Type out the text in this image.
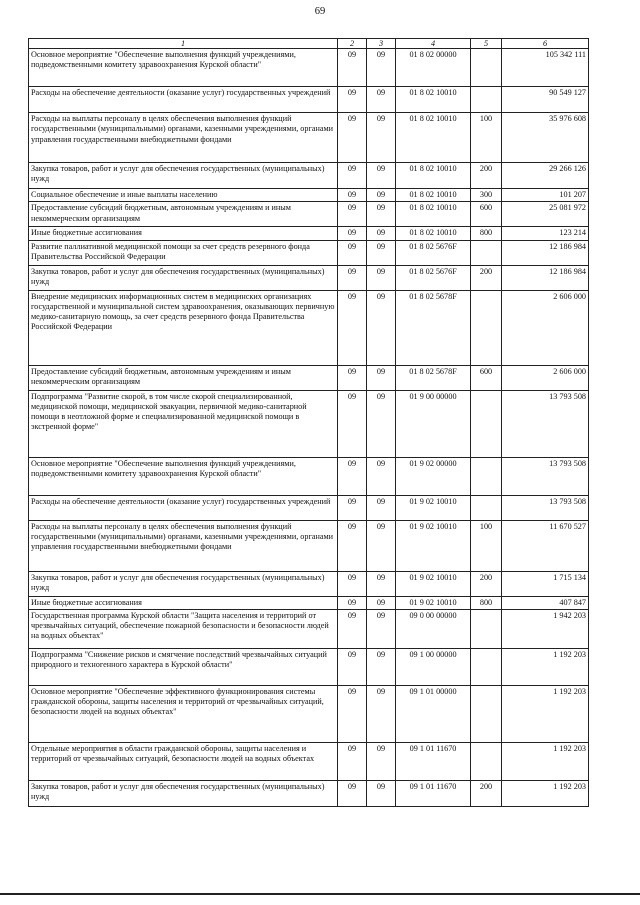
69
1	2	3	4	5	6
Основное мероприятие "Обеспечение выполнения функций учреждениями, подведомственными комитету здравоохранения Курской области"	09	09	01 8 02 00000		105 342 111
Расходы на обеспечение деятельности (оказание услуг) государственных учреждений	09	09	01 8 02 10010		90 549 127
Расходы на выплаты персоналу в целях обеспечения выполнения функций государственными (муниципальными) органами, казенными учреждениями, органами управления государственными внебюджетными фондами	09	09	01 8 02 10010	100	35 976 608
Закупка товаров, работ и услуг для обеспечения государственных (муниципальных) нужд	09	09	01 8 02 10010	200	29 266 126
Социальное обеспечение и иные выплаты населению	09	09	01 8 02 10010	300	101 207
Предоставление субсидий бюджетным, автономным учреждениям и иным некоммерческим организациям	09	09	01 8 02 10010	600	25 081 972
Иные бюджетные ассигнования	09	09	01 8 02 10010	800	123 214
Развитие паллиативной медицинской помощи за счет средств резервного фонда Правительства Российской Федерации	09	09	01 8 02 5676F		12 186 984
Закупка товаров, работ и услуг для обеспечения государственных (муниципальных) нужд	09	09	01 8 02 5676F	200	12 186 984
Внедрение медицинских информационных систем в медицинских организациях государственной и муниципальной систем здравоохранения, оказывающих первичную медико-санитарную помощь, за счет средств резервного фонда Правительства Российской Федерации	09	09	01 8 02 5678F		2 606 000
Предоставление субсидий бюджетным, автономным учреждениям и иным некоммерческим организациям	09	09	01 8 02 5678F	600	2 606 000
Подпрограмма "Развитие скорой, в том числе скорой специализированной, медицинской помощи, медицинской эвакуации, первичной медико-санитарной помощи в неотложной форме и специализированной медицинской помощи в экстренной форме"	09	09	01 9 00 00000		13 793 508
Основное мероприятие "Обеспечение выполнения функций учреждениями, подведомственными комитету здравоохранения Курской области"	09	09	01 9 02 00000		13 793 508
Расходы на обеспечение деятельности (оказание услуг) государственных учреждений	09	09	01 9 02 10010		13 793 508
Расходы на выплаты персоналу в целях обеспечения выполнения функций государственными (муниципальными) органами, казенными учреждениями, органами управления государственными внебюджетными фондами	09	09	01 9 02 10010	100	11 670 527
Закупка товаров, работ и услуг для обеспечения государственных (муниципальных) нужд	09	09	01 9 02 10010	200	1 715 134
Иные бюджетные ассигнования	09	09	01 9 02 10010	800	407 847
Государственная программа Курской области "Защита населения и территорий от чрезвычайных ситуаций, обеспечение пожарной безопасности и безопасности людей на водных объектах"	09	09	09 0 00 00000		1 942 203
Подпрограмма "Снижение рисков и смягчение последствий чрезвычайных ситуаций природного и техногенного характера в Курской области"	09	09	09 1 00 00000		1 192 203
Основное мероприятие "Обеспечение эффективного функционирования системы гражданской обороны, защиты населения и территорий от чрезвычайных ситуаций, безопасности людей на водных объектах"	09	09	09 1 01 00000		1 192 203
Отдельные мероприятия в области гражданской обороны, защиты населения и территорий от чрезвычайных ситуаций, безопасности людей на водных объектах	09	09	09 1 01 11670		1 192 203
Закупка товаров, работ и услуг для обеспечения государственных (муниципальных) нужд	09	09	09 1 01 11670	200	1 192 203
